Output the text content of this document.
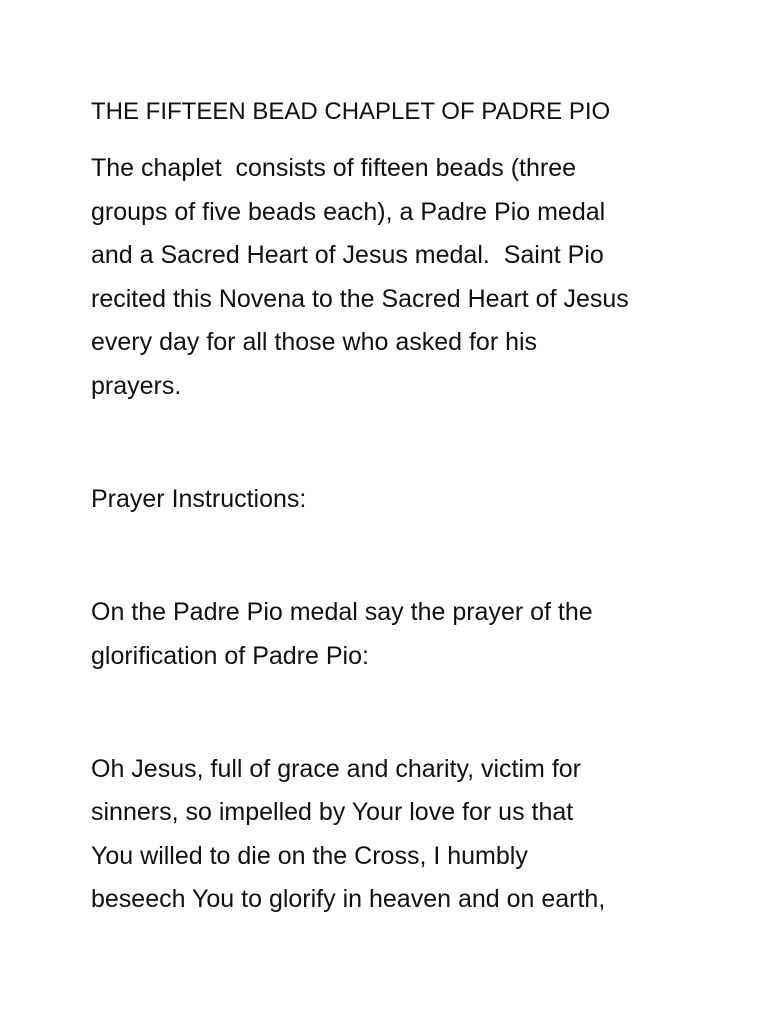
THE FIFTEEN BEAD CHAPLET OF PADRE PIO

The chaplet  consists of fifteen beads (three

groups of five beads each), a Padre Pio medal

and a Sacred Heart of Jesus medal.  Saint Pio

recited this Novena to the Sacred Heart of Jesus

every day for all those who asked for his

prayers.

Prayer Instructions:

On the Padre Pio medal say the prayer of the

glorification of Padre Pio:

Oh Jesus, full of grace and charity, victim for

sinners, so impelled by Your love for us that

You willed to die on the Cross, I humbly

beseech You to glorify in heaven and on earth,
